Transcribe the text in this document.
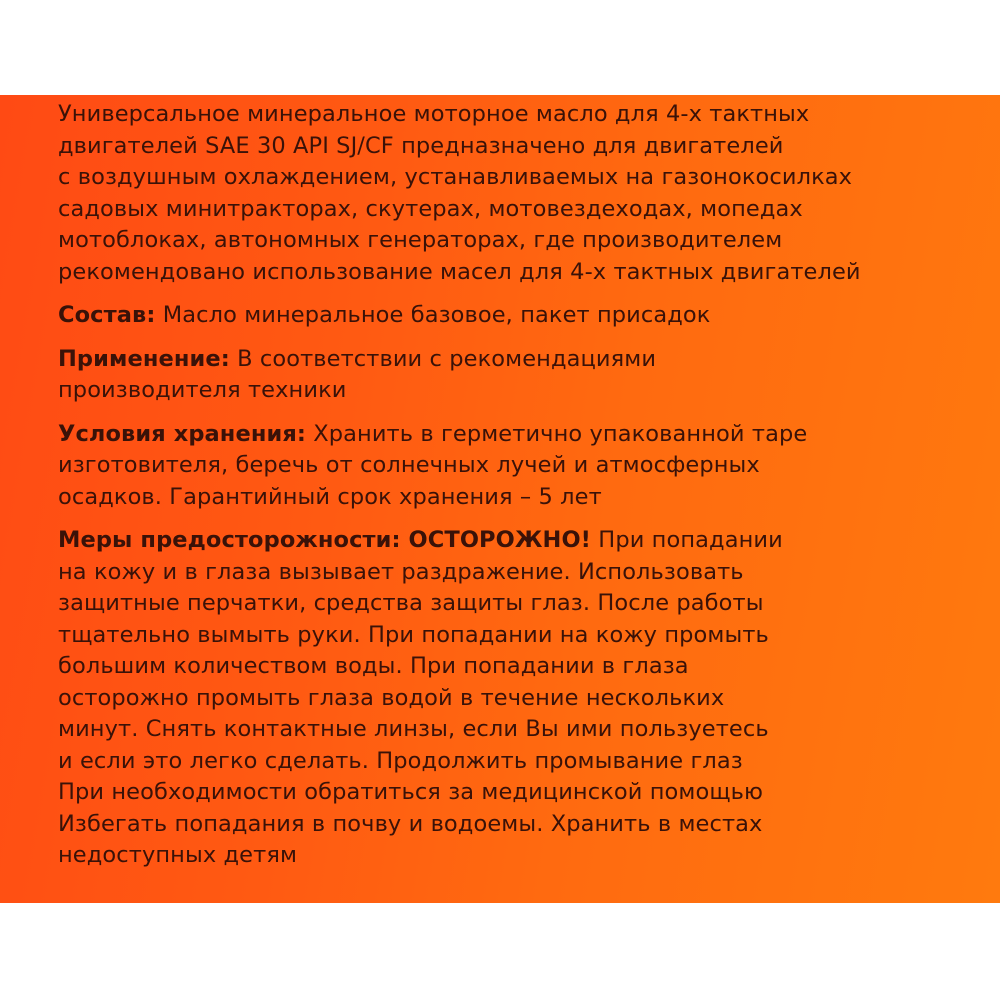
Универсальное минеральное моторное масло для 4-х тактных
двигателей SAE 30 API SJ/CF предназначено для двигателей
с воздушным охлаждением, устанавливаемых на газонокосилках
садовых минитракторах, скутерах, мотовездеходах, мопедах
мотоблоках, автономных генераторах, где производителем
рекомендовано использование масел для 4-х тактных двигателей

Состав: Масло минеральное базовое, пакет присадок

Применение: В соответствии с рекомендациями
производителя техники

Условия хранения: Хранить в герметично упакованной таре
изготовителя, беречь от солнечных лучей и атмосферных
осадков. Гарантийный срок хранения – 5 лет

Меры предосторожности: ОСТОРОЖНО! При попадании
на кожу и в глаза вызывает раздражение. Использовать
защитные перчатки, средства защиты глаз. После работы
тщательно вымыть руки. При попадании на кожу промыть
большим количеством воды. При попадании в глаза
осторожно промыть глаза водой в течение нескольких
минут. Снять контактные линзы, если Вы ими пользуетесь
и если это легко сделать. Продолжить промывание глаз
При необходимости обратиться за медицинской помощью
Избегать попадания в почву и водоемы. Хранить в местах
недоступных детям
